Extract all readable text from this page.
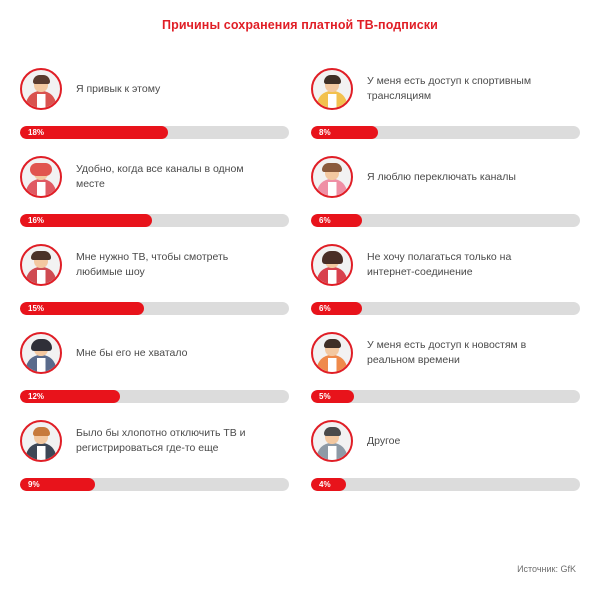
Причины сохранения платной ТВ-подписки
Я привык к этому
18%
Удобно, когда все каналы в одном месте
16%
Мне нужно ТВ, чтобы смотреть любимые шоу
15%
Мне бы его не хватало
12%
Было бы хлопотно отключить ТВ и регистрироваться где-то еще
9%
У меня есть доступ к спортивным трансляциям
8%
Я люблю переключать каналы
6%
Не хочу полагаться только на интернет-соединение
6%
У меня есть доступ к новостям в реальном времени
5%
Другое
4%
Источник: GfK
